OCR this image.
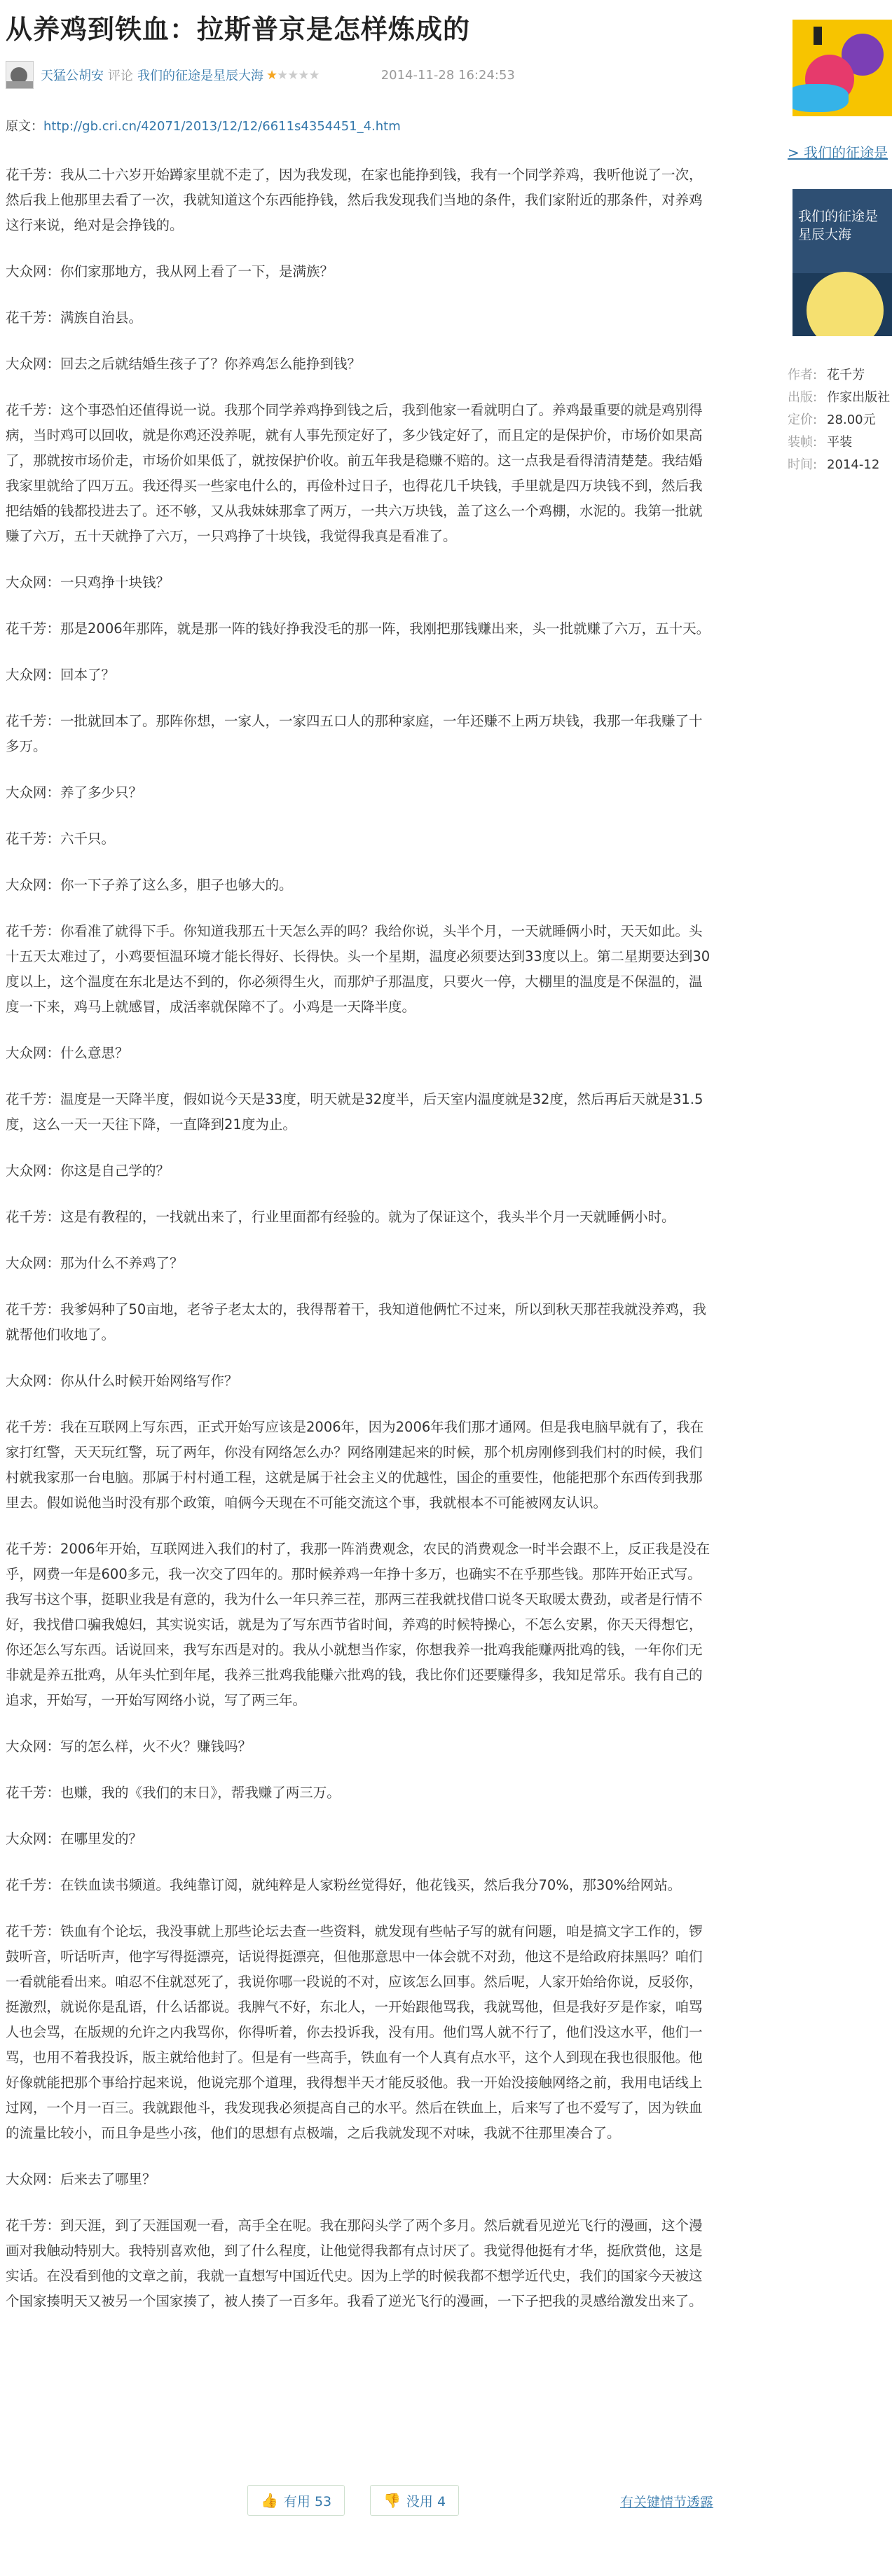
从养鸡到铁血：拉斯普京是怎样炼成的
天猛公胡安 评论 我们的征途是星辰大海 ★★★★★	2014-11-28 16:24:53
原文：http://gb.cri.cn/42071/2013/12/12/6611s4354451_4.htm

花千芳：我从二十六岁开始蹲家里就不走了，因为我发现，在家也能挣到钱，我有一个同学养鸡，我听他说了一次，然后我上他那里去看了一次，我就知道这个东西能挣钱，然后我发现我们当地的条件，我们家附近的那条件，对养鸡这行来说，绝对是会挣钱的。

大众网：你们家那地方，我从网上看了一下，是满族？

花千芳：满族自治县。

大众网：回去之后就结婚生孩子了？你养鸡怎么能挣到钱？

花千芳：这个事恐怕还值得说一说。我那个同学养鸡挣到钱之后，我到他家一看就明白了。养鸡最重要的就是鸡别得病，当时鸡可以回收，就是你鸡还没养呢，就有人事先预定好了，多少钱定好了，而且定的是保护价，市场价如果高了，那就按市场价走，市场价如果低了，就按保护价收。前五年我是稳赚不赔的。这一点我是看得清清楚楚。我结婚我家里就给了四万五。我还得买一些家电什么的，再俭朴过日子，也得花几千块钱，手里就是四万块钱不到，然后我把结婚的钱都投进去了。还不够，又从我妹妹那拿了两万，一共六万块钱，盖了这么一个鸡棚，水泥的。我第一批就赚了六万，五十天就挣了六万，一只鸡挣了十块钱，我觉得我真是看准了。

大众网：一只鸡挣十块钱？

花千芳：那是2006年那阵，就是那一阵的钱好挣我没毛的那一阵，我刚把那钱赚出来，头一批就赚了六万，五十天。

大众网：回本了？

花千芳：一批就回本了。那阵你想，一家人，一家四五口人的那种家庭，一年还赚不上两万块钱，我那一年我赚了十多万。

大众网：养了多少只？

花千芳：六千只。

大众网：你一下子养了这么多，胆子也够大的。

花千芳：你看准了就得下手。你知道我那五十天怎么弄的吗？我给你说，头半个月，一天就睡俩小时，天天如此。头十五天太难过了，小鸡要恒温环境才能长得好、长得快。头一个星期，温度必须要达到33度以上。第二星期要达到30度以上，这个温度在东北是达不到的，你必须得生火，而那炉子那温度，只要火一停，大棚里的温度是不保温的，温度一下来，鸡马上就感冒，成活率就保障不了。小鸡是一天降半度。

大众网：什么意思？

花千芳：温度是一天降半度，假如说今天是33度，明天就是32度半，后天室内温度就是32度，然后再后天就是31.5度，这么一天一天往下降，一直降到21度为止。

大众网：你这是自己学的？

花千芳：这是有教程的，一找就出来了，行业里面都有经验的。就为了保证这个，我头半个月一天就睡俩小时。

大众网：那为什么不养鸡了？

花千芳：我爹妈种了50亩地，老爷子老太太的，我得帮着干，我知道他俩忙不过来，所以到秋天那茬我就没养鸡，我就帮他们收地了。

大众网：你从什么时候开始网络写作？

花千芳：我在互联网上写东西，正式开始写应该是2006年，因为2006年我们那才通网。但是我电脑早就有了，我在家打红警，天天玩红警，玩了两年，你没有网络怎么办？网络刚建起来的时候，那个机房刚修到我们村的时候，我们村就我家那一台电脑。那属于村村通工程，这就是属于社会主义的优越性，国企的重要性，他能把那个东西传到我那里去。假如说他当时没有那个政策，咱俩今天现在不可能交流这个事，我就根本不可能被网友认识。

花千芳：2006年开始，互联网进入我们的村了，我那一阵消费观念，农民的消费观念一时半会跟不上，反正我是没在乎，网费一年是600多元，我一次交了四年的。那时候养鸡一年挣十多万，也确实不在乎那些钱。那阵开始正式写。我写书这个事，挺职业我是有意的，我为什么一年只养三茬，那两三茬我就找借口说冬天取暖太费劲，或者是行情不好，我找借口骗我媳妇，其实说实话，就是为了写东西节省时间，养鸡的时候特操心，不怎么安累，你天天得想它，你还怎么写东西。话说回来，我写东西是对的。我从小就想当作家，你想我养一批鸡我能赚两批鸡的钱，一年你们无非就是养五批鸡，从年头忙到年尾，我养三批鸡我能赚六批鸡的钱，我比你们还要赚得多，我知足常乐。我有自己的追求，开始写，一开始写网络小说，写了两三年。

大众网：写的怎么样，火不火？赚钱吗？

花千芳：也赚，我的《我们的末日》，帮我赚了两三万。

大众网：在哪里发的？

花千芳：在铁血读书频道。我纯靠订阅，就纯粹是人家粉丝觉得好，他花钱买，然后我分70%，那30%给网站。

花千芳：铁血有个论坛，我没事就上那些论坛去查一些资料，就发现有些帖子写的就有问题，咱是搞文字工作的，锣鼓听音，听话听声，他字写得挺漂亮，话说得挺漂亮，但他那意思中一体会就不对劲，他这不是给政府抹黑吗？咱们一看就能看出来。咱忍不住就怼死了，我说你哪一段说的不对，应该怎么回事。然后呢，人家开始给你说，反驳你，挺激烈，就说你是乱语，什么话都说。我脾气不好，东北人，一开始跟他骂我，我就骂他，但是我好歹是作家，咱骂人也会骂，在版规的允许之内我骂你，你得听着，你去投诉我，没有用。他们骂人就不行了，他们没这水平，他们一骂，也用不着我投诉，版主就给他封了。但是有一些高手，铁血有一个人真有点水平，这个人到现在我也很服他。他好像就能把那个事给拧起来说，他说完那个道理，我得想半天才能反驳他。我一开始没接触网络之前，我用电话线上过网，一个月一百三。我就跟他斗，我发现我必须提高自己的水平。然后在铁血上，后来写了也不爱写了，因为铁血的流量比较小，而且争是些小孩，他们的思想有点极端，之后我就发现不对味，我就不往那里凑合了。

大众网：后来去了哪里？

花千芳：到天涯，到了天涯国观一看，高手全在呢。我在那闷头学了两个多月。然后就看见逆光飞行的漫画，这个漫画对我触动特别大。我特别喜欢他，到了什么程度，让他觉得我都有点讨厌了。我觉得他挺有才华，挺欣赏他，这是实话。在没看到他的文章之前，我就一直想写中国近代史。因为上学的时候我都不想学近代史，我们的国家今天被这个国家揍明天又被另一个国家揍了，被人揍了一百多年。我看了逆光飞行的漫画，一下子把我的灵感给激发出来了。

👍 有用 53	👎 没用 4	有关键情节透露
> 我们的征途是
我们的征途是
星辰大海
作者: 花千芳
出版: 作家出版社
定价: 28.00元
装帧: 平装
时间: 2014-12
